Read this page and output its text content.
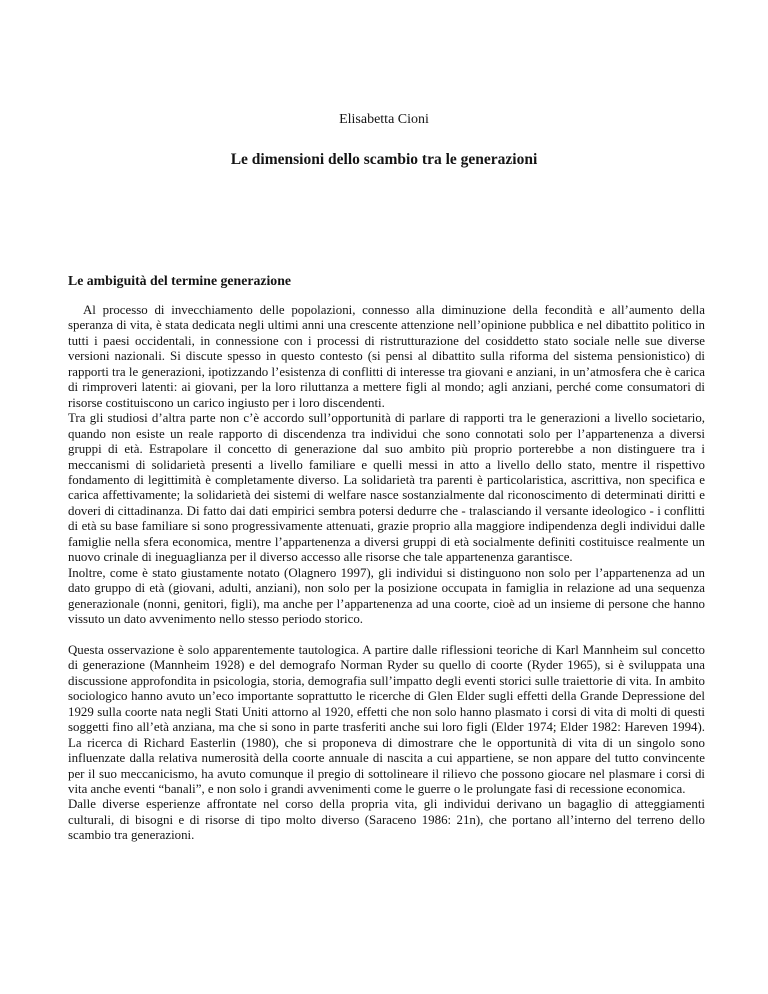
Elisabetta Cioni
Le dimensioni dello scambio tra le generazioni
Le ambiguità del termine generazione

Al processo di invecchiamento delle popolazioni, connesso alla diminuzione della fecondità e all’aumento della speranza di vita, è stata dedicata negli ultimi anni una crescente attenzione nell’opinione pubblica e nel dibattito politico in tutti i paesi occidentali, in connessione con i processi di ristrutturazione del cosiddetto stato sociale nelle sue diverse versioni nazionali. Si discute spesso in questo contesto (si pensi al dibattito sulla riforma del sistema pensionistico) di rapporti tra le generazioni, ipotizzando l’esistenza di conflitti di interesse tra giovani e anziani, in un’atmosfera che è carica di rimproveri latenti: ai giovani, per la loro riluttanza a mettere figli al mondo; agli anziani, perché come consumatori di risorse costituiscono un carico ingiusto per i loro discendenti.

Tra gli studiosi d’altra parte non c’è accordo sull’opportunità di parlare di rapporti tra le generazioni a livello societario, quando non esiste un reale rapporto di discendenza tra individui che sono connotati solo per l’appartenenza a diversi gruppi di età. Estrapolare il concetto di generazione dal suo ambito più proprio porterebbe a non distinguere tra i meccanismi di solidarietà presenti a livello familiare e quelli messi in atto a livello dello stato, mentre il rispettivo fondamento di legittimità è completamente diverso. La solidarietà tra parenti è particolaristica, ascrittiva, non specifica e carica affettivamente; la solidarietà dei sistemi di welfare nasce sostanzialmente dal riconoscimento di determinati diritti e doveri di cittadinanza. Di fatto dai dati empirici sembra potersi dedurre che - tralasciando il versante ideologico - i conflitti di età su base familiare si sono progressivamente attenuati, grazie proprio alla maggiore indipendenza degli individui dalle famiglie nella sfera economica, mentre l’appartenenza a diversi gruppi di età socialmente definiti costituisce realmente un nuovo crinale di ineguaglianza per il diverso accesso alle risorse che tale appartenenza garantisce.

Inoltre, come è stato giustamente notato (Olagnero 1997), gli individui si distinguono non solo per l’appartenenza ad un dato gruppo di età (giovani, adulti, anziani), non solo per la posizione occupata in famiglia in relazione ad una sequenza generazionale (nonni, genitori, figli), ma anche per l’appartenenza ad una coorte, cioè ad un insieme di persone che hanno vissuto un dato avvenimento nello stesso periodo storico.

Questa osservazione è solo apparentemente tautologica. A partire dalle riflessioni teoriche di Karl Mannheim sul concetto di generazione (Mannheim 1928) e del demografo Norman Ryder su quello di coorte (Ryder 1965), si è sviluppata una discussione approfondita in psicologia, storia, demografia sull’impatto degli eventi storici sulle traiettorie di vita. In ambito sociologico hanno avuto un’eco importante soprattutto le ricerche di Glen Elder sugli effetti della Grande Depressione del 1929 sulla coorte nata negli Stati Uniti attorno al 1920, effetti che non solo hanno plasmato i corsi di vita di molti di questi soggetti fino all’età anziana, ma che si sono in parte trasferiti anche sui loro figli (Elder 1974; Elder 1982: Hareven 1994). La ricerca di Richard Easterlin (1980), che si proponeva di dimostrare che le opportunità di vita di un singolo sono influenzate dalla relativa numerosità della coorte annuale di nascita a cui appartiene, se non appare del tutto convincente per il suo meccanicismo, ha avuto comunque il pregio di sottolineare il rilievo che possono giocare nel plasmare i corsi di vita anche eventi “banali”, e non solo i grandi avvenimenti come le guerre o le prolungate fasi di recessione economica.

Dalle diverse esperienze affrontate nel corso della propria vita, gli individui derivano un bagaglio di atteggiamenti culturali, di bisogni e di risorse di tipo molto diverso (Saraceno 1986: 21n), che portano all’interno del terreno dello scambio tra generazioni.
